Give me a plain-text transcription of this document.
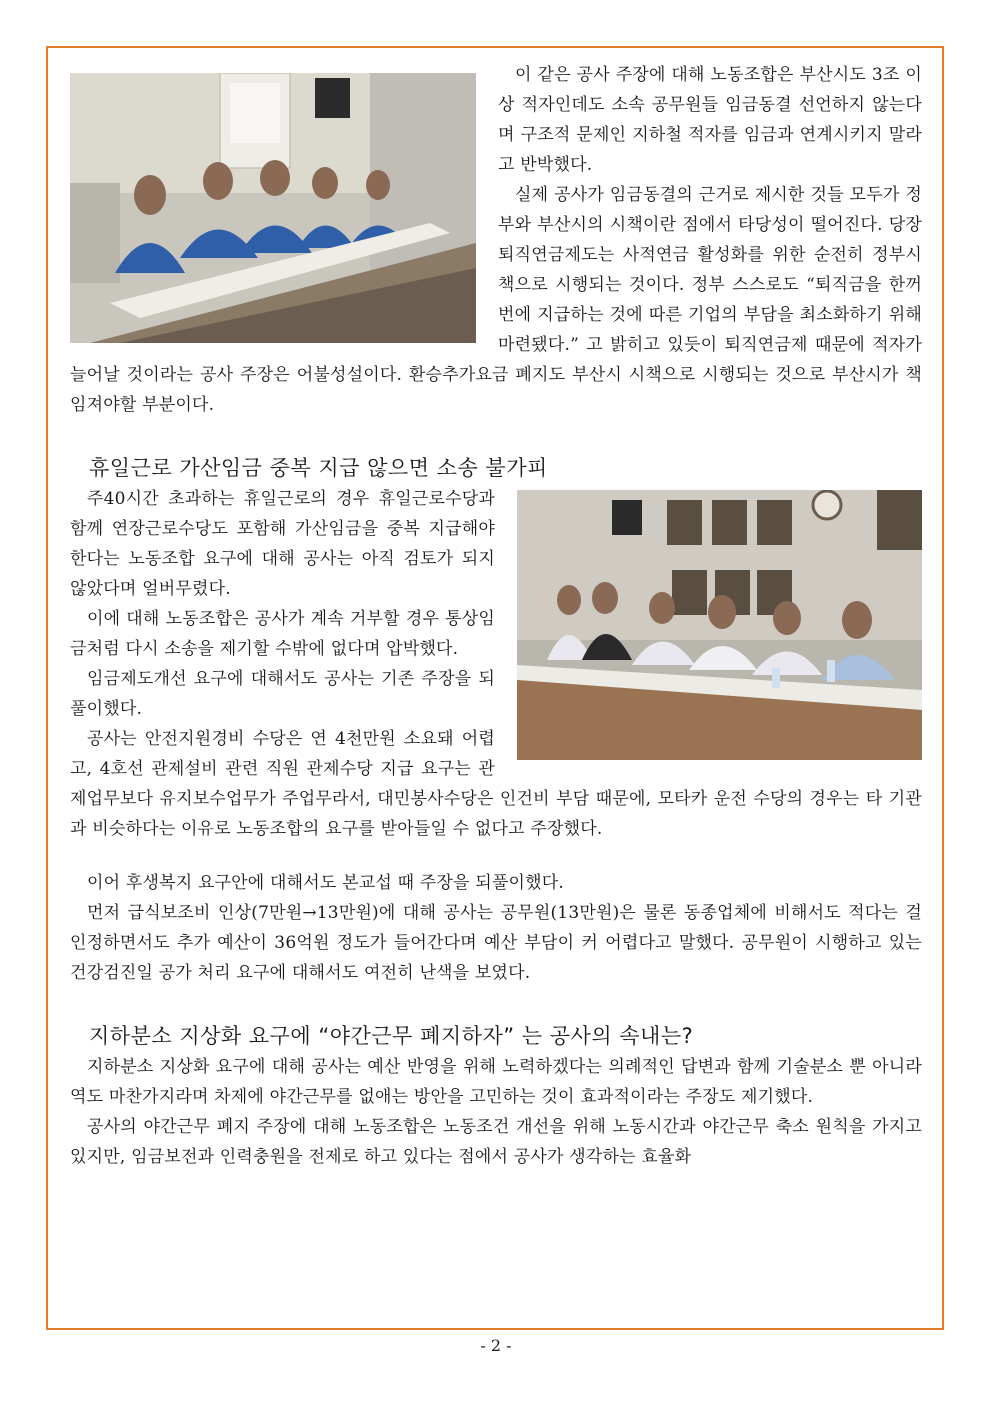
이 같은 공사 주장에 대해 노동조합은 부산시도 3조 이상 적자인데도 소속 공무원들 임금동결 선언하지 않는다며 구조적 문제인 지하철 적자를 임금과 연계시키지 말라고 반박했다.

실제 공사가 임금동결의 근거로 제시한 것들 모두가 정부와 부산시의 시책이란 점에서 타당성이 떨어진다. 당장 퇴직연금제도는 사적연금 활성화를 위한 순전히 정부시책으로 시행되는 것이다. 정부 스스로도 “퇴직금을 한꺼번에 지급하는 것에 따른 기업의 부담을 최소화하기 위해 마련됐다.” 고 밝히고 있듯이 퇴직연금제 때문에 적자가 늘어날 것이라는 공사 주장은 어불성설이다. 환승추가요금 폐지도 부산시 시책으로 시행되는 것으로 부산시가 책임져야할 부분이다.

휴일근로 가산임금 중복 지급 않으면 소송 불가피

주40시간 초과하는 휴일근로의 경우 휴일근로수당과 함께 연장근로수당도 포함해 가산임금을 중복 지급해야 한다는 노동조합 요구에 대해 공사는 아직 검토가 되지 않았다며 얼버무렸다.

이에 대해 노동조합은 공사가 계속 거부할 경우 통상임금처럼 다시 소송을 제기할 수밖에 없다며 압박했다.

임금제도개선 요구에 대해서도 공사는 기존 주장을 되풀이했다.

공사는 안전지원경비 수당은 연 4천만원 소요돼 어렵고, 4호선 관제설비 관련 직원 관제수당 지급 요구는 관제업무보다 유지보수업무가 주업무라서, 대민봉사수당은 인건비 부담 때문에, 모타카 운전 수당의 경우는 타 기관과 비슷하다는 이유로 노동조합의 요구를 받아들일 수 없다고 주장했다.

이어 후생복지 요구안에 대해서도 본교섭 때 주장을 되풀이했다.

먼저 급식보조비 인상(7만원→13만원)에 대해 공사는 공무원(13만원)은 물론 동종업체에 비해서도 적다는 걸 인정하면서도 추가 예산이 36억원 정도가 들어간다며 예산 부담이 커 어렵다고 말했다. 공무원이 시행하고 있는 건강검진일 공가 처리 요구에 대해서도 여전히 난색을 보였다.

지하분소 지상화 요구에 “야간근무 폐지하자” 는 공사의 속내는?

지하분소 지상화 요구에 대해 공사는 예산 반영을 위해 노력하겠다는 의례적인 답변과 함께 기술분소 뿐 아니라 역도 마찬가지라며 차제에 야간근무를 없애는 방안을 고민하는 것이 효과적이라는 주장도 제기했다.

공사의 야간근무 폐지 주장에 대해 노동조합은 노동조건 개선을 위해 노동시간과 야간근무 축소 원칙을 가지고 있지만, 임금보전과 인력충원을 전제로 하고 있다는 점에서 공사가 생각하는 효율화

- 2 -
